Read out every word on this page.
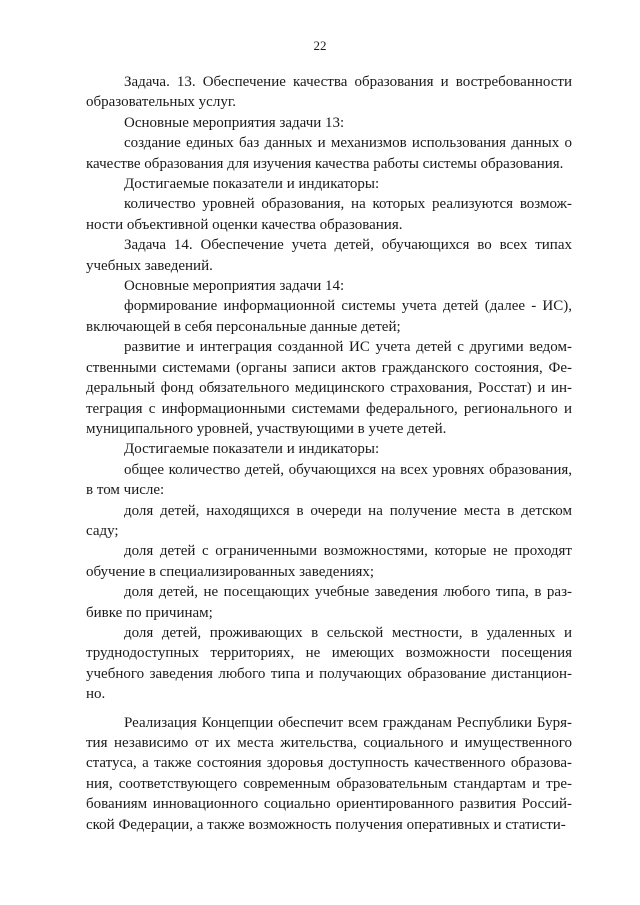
22

Задача. 13. Обеспечение качества образования и востребованности образовательных услуг.

Основные мероприятия задачи 13:

создание единых баз данных и механизмов использования данных о качестве образования для изучения качества работы системы образования.

Достигаемые показатели и индикаторы:

количество уровней образования, на которых реализуются возможности объективной оценки качества образования.

Задача 14. Обеспечение учета детей, обучающихся во всех типах учебных заведений.

Основные мероприятия задачи 14:

формирование информационной системы учета детей (далее - ИС), включающей в себя персональные данные детей;

развитие и интеграция созданной ИС учета детей с другими ведомственными системами (органы записи актов гражданского состояния, Федеральный фонд обязательного медицинского страхования, Росстат) и интеграция с информационными системами федерального, регионального и муниципального уровней, участвующими в учете детей.

Достигаемые показатели и индикаторы:

общее количество детей, обучающихся на всех уровнях образования, в том числе:

доля детей, находящихся в очереди на получение места в детском саду;

доля детей с ограниченными возможностями, которые не проходят обучение в специализированных заведениях;

доля детей, не посещающих учебные заведения любого типа, в разбивке по причинам;

доля детей, проживающих в сельской местности, в удаленных и труднодоступных территориях, не имеющих возможности посещения учебного заведения любого типа и получающих образование дистанционно.

Реализация Концепции обеспечит всем гражданам Республики Бурятия независимо от их места жительства, социального и имущественного статуса, а также состояния здоровья доступность качественного образования, соответствующего современным образовательным стандартам и требованиям инновационного социально ориентированного развития Российской Федерации, а также возможность получения оперативных и статисти-
